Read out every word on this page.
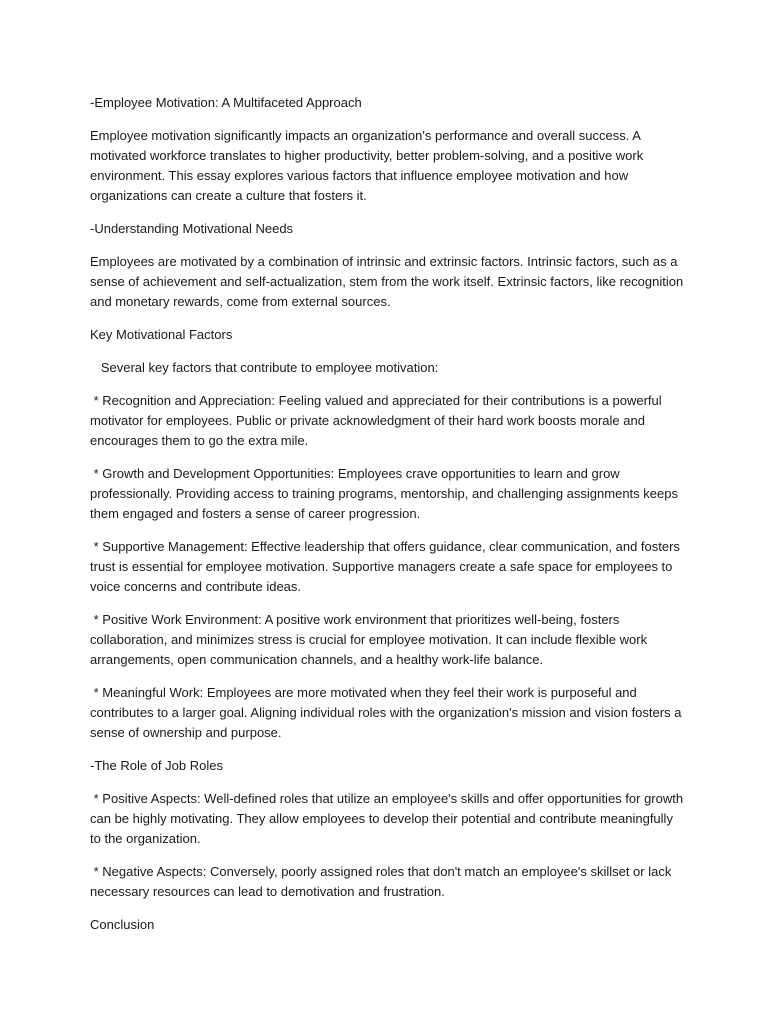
-Employee Motivation: A Multifaceted Approach
Employee motivation significantly impacts an organization's performance and overall success. A motivated workforce translates to higher productivity, better problem-solving, and a positive work environment. This essay explores various factors that influence employee motivation and how organizations can create a culture that fosters it.
-Understanding Motivational Needs
Employees are motivated by a combination of intrinsic and extrinsic factors. Intrinsic factors, such as a sense of achievement and self-actualization, stem from the work itself. Extrinsic factors, like recognition and monetary rewards, come from external sources.
Key Motivational Factors
Several key factors that contribute to employee motivation:
* Recognition and Appreciation: Feeling valued and appreciated for their contributions is a powerful motivator for employees. Public or private acknowledgment of their hard work boosts morale and encourages them to go the extra mile.
* Growth and Development Opportunities: Employees crave opportunities to learn and grow professionally. Providing access to training programs, mentorship, and challenging assignments keeps them engaged and fosters a sense of career progression.
* Supportive Management: Effective leadership that offers guidance, clear communication, and fosters trust is essential for employee motivation. Supportive managers create a safe space for employees to voice concerns and contribute ideas.
* Positive Work Environment: A positive work environment that prioritizes well-being, fosters collaboration, and minimizes stress is crucial for employee motivation. It can include flexible work arrangements, open communication channels, and a healthy work-life balance.
* Meaningful Work: Employees are more motivated when they feel their work is purposeful and contributes to a larger goal. Aligning individual roles with the organization's mission and vision fosters a sense of ownership and purpose.
-The Role of Job Roles
* Positive Aspects: Well-defined roles that utilize an employee's skills and offer opportunities for growth can be highly motivating. They allow employees to develop their potential and contribute meaningfully to the organization.
* Negative Aspects: Conversely, poorly assigned roles that don't match an employee's skillset or lack necessary resources can lead to demotivation and frustration.
Conclusion
